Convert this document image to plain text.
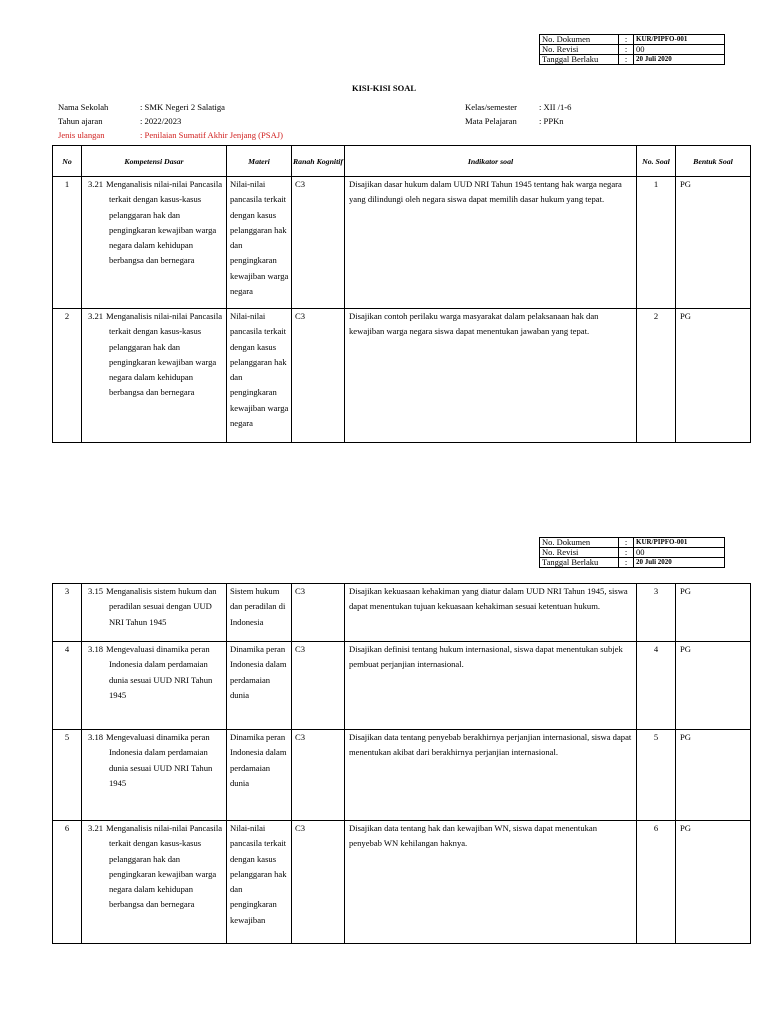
No. Dokumen	:	KUR/PIPFO-001
No. Revisi	:	00
Tanggal Berlaku	:	20 Juli 2020
KISI-KISI SOAL
Nama Sekolah	: SMK Negeri 2 Salatiga
Tahun ajaran	: 2022/2023
Jenis ulangan	: Penilaian Sumatif Akhir Jenjang (PSAJ)
Kelas/semester	: XII /1-6
Mata Pelajaran	: PPKn
No	Kompetensi Dasar	Materi	Ranah Kognitif	Indikator soal	No. Soal	Bentuk Soal
1	3.21 Menganalisis nilai-nilai Pancasila terkait dengan kasus-kasus pelanggaran hak dan pengingkaran kewajiban warga negara dalam kehidupan berbangsa dan bernegara	Nilai-nilai pancasila terkait dengan kasus pelanggaran hak dan pengingkaran kewajiban warga negara	C3	Disajikan dasar hukum dalam UUD NRI Tahun 1945 tentang hak warga negara yang dilindungi oleh negara siswa dapat memilih dasar hukum yang tepat.	1	PG
2	3.21 Menganalisis nilai-nilai Pancasila terkait dengan kasus-kasus pelanggaran hak dan pengingkaran kewajiban warga negara dalam kehidupan berbangsa dan bernegara	Nilai-nilai pancasila terkait dengan kasus pelanggaran hak dan pengingkaran kewajiban warga negara	C3	Disajikan contoh perilaku warga masyarakat dalam pelaksanaan hak dan kewajiban warga negara siswa dapat menentukan jawaban yang tepat.	2	PG
No. Dokumen	:	KUR/PIPFO-001
No. Revisi	:	00
Tanggal Berlaku	:	20 Juli 2020
3	3.15 Menganalisis sistem hukum dan peradilan sesuai dengan UUD NRI Tahun 1945	Sistem hukum dan peradilan di Indonesia	C3	Disajikan kekuasaan kehakiman yang diatur dalam UUD NRI Tahun 1945, siswa dapat menentukan tujuan kekuasaan kehakiman sesuai ketentuan hukum.	3	PG
4	3.18 Mengevaluasi dinamika peran Indonesia dalam perdamaian dunia sesuai UUD NRI Tahun 1945	Dinamika peran Indonesia dalam perdamaian dunia	C3	Disajikan definisi tentang hukum internasional, siswa dapat menentukan subjek pembuat perjanjian internasional.	4	PG
5	3.18 Mengevaluasi dinamika peran Indonesia dalam perdamaian dunia sesuai UUD NRI Tahun 1945	Dinamika peran Indonesia dalam perdamaian dunia	C3	Disajikan data tentang penyebab berakhirnya perjanjian internasional, siswa dapat menentukan akibat dari berakhirnya perjanjian internasional.	5	PG
6	3.21 Menganalisis nilai-nilai Pancasila terkait dengan kasus-kasus pelanggaran hak dan pengingkaran kewajiban warga negara dalam kehidupan berbangsa dan bernegara	Nilai-nilai pancasila terkait dengan kasus pelanggaran hak dan pengingkaran kewajiban	C3	Disajikan data tentang hak dan kewajiban WN, siswa dapat menentukan penyebab WN kehilangan haknya.	6	PG
